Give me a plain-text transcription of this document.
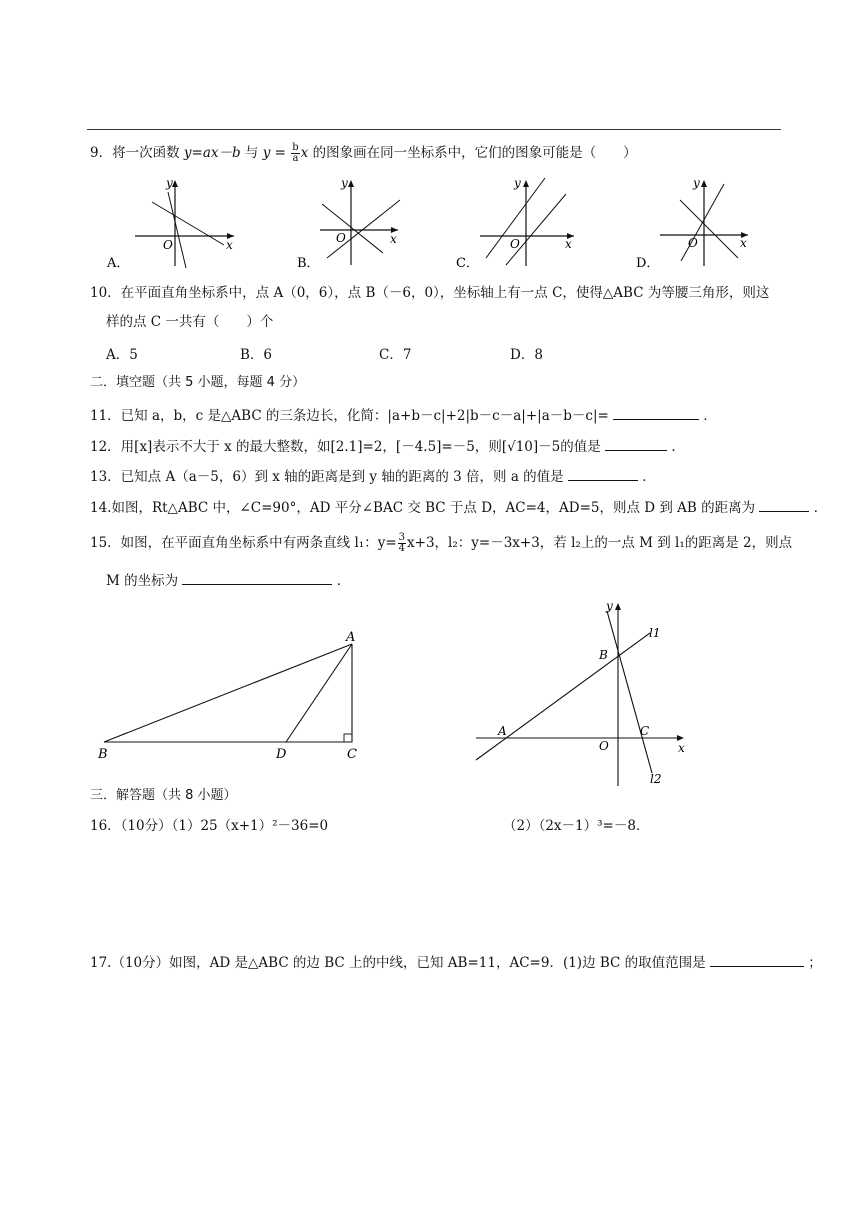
9．将一次函数 y=ax－b 与 $y = \frac{b}{a}$ x 的图象画在同一坐标系中，它们的图象可能是（　　）
x
y
O
A．
x
y
O
B．
x
y
O
C．
x
y
O
D．
10．在平面直角坐标系中，点 A（0，6），点 B（－6，0），坐标轴上有一点 C，使得△ABC 为等腰三角形，则这
样的点 C 一共有（　　）个
A．5	B．6	C．7	D．8
二．填空题（共 5 小题，每题 4 分）
11．已知 a，b，c 是△ABC 的三条边长，化简：|a+b－c|+2|b－c－a|+|a－b－c|=	．
12．用[x]表示不大于 x 的最大整数，如[2.1]=2，[－4.5]=－5，则[√10]－5的值是	．
13．已知点 A（a－5，6）到 x 轴的距离是到 y 轴的距离的 3 倍，则 a 的值是	．
14.如图，Rt△ABC 中，∠C=90°，AD 平分∠BAC 交 BC 于点 D，AC=4，AD=5，则点 D 到 AB 的距离为	．
15．如图，在平面直角坐标系中有两条直线 l₁：$y= \frac{3}{4} x+3$，l₂：y=－3x+3，若 l₂上的一点 M 到 l₁的距离是 2，则点
M 的坐标为	．
A
B	C
D
y
x
O
A
B
C
l1
l2
三．解答题（共 8 小题）
16．（10分）（1）25（x+1）²－36=0	（2）（2x－1）³=－8．
17.（10分）如图，AD 是△ABC 的边 BC 上的中线，已知 AB=11，AC=9．(1)边 BC 的取值范围是	；
